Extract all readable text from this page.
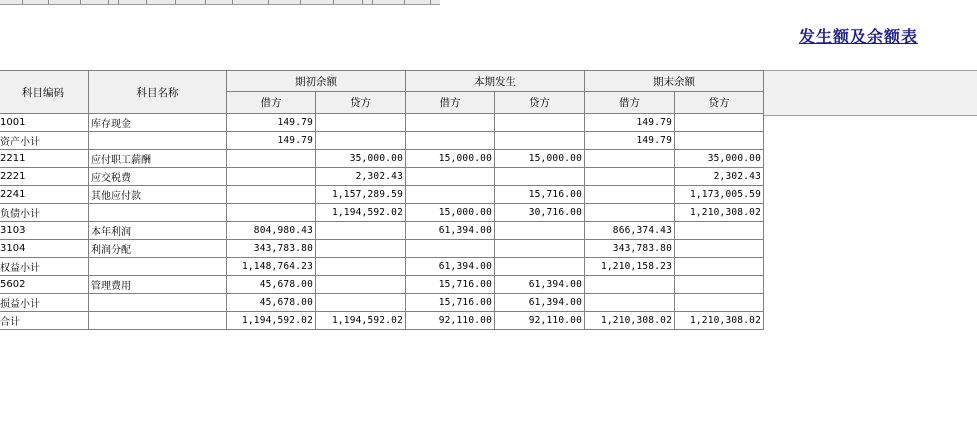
发生额及余额表
科目编码	科目名称	期初余额		本期发生		期末余额	
		借方	贷方	借方	贷方	借方	贷方
1001	库存现金	149.79				149.79	
资产小计		149.79				149.79	
2211	应付职工薪酬		35,000.00	15,000.00	15,000.00		35,000.00
2221	应交税费		2,302.43				2,302.43
2241	其他应付款		1,157,289.59		15,716.00		1,173,005.59
负债小计			1,194,592.02	15,000.00	30,716.00		1,210,308.02
3103	本年利润	804,980.43		61,394.00		866,374.43	
3104	利润分配	343,783.80				343,783.80	
权益小计		1,148,764.23		61,394.00		1,210,158.23	
5602	管理费用	45,678.00		15,716.00	61,394.00		
损益小计		45,678.00		15,716.00	61,394.00		
合计		1,194,592.02	1,194,592.02	92,110.00	92,110.00	1,210,308.02	1,210,308.02
